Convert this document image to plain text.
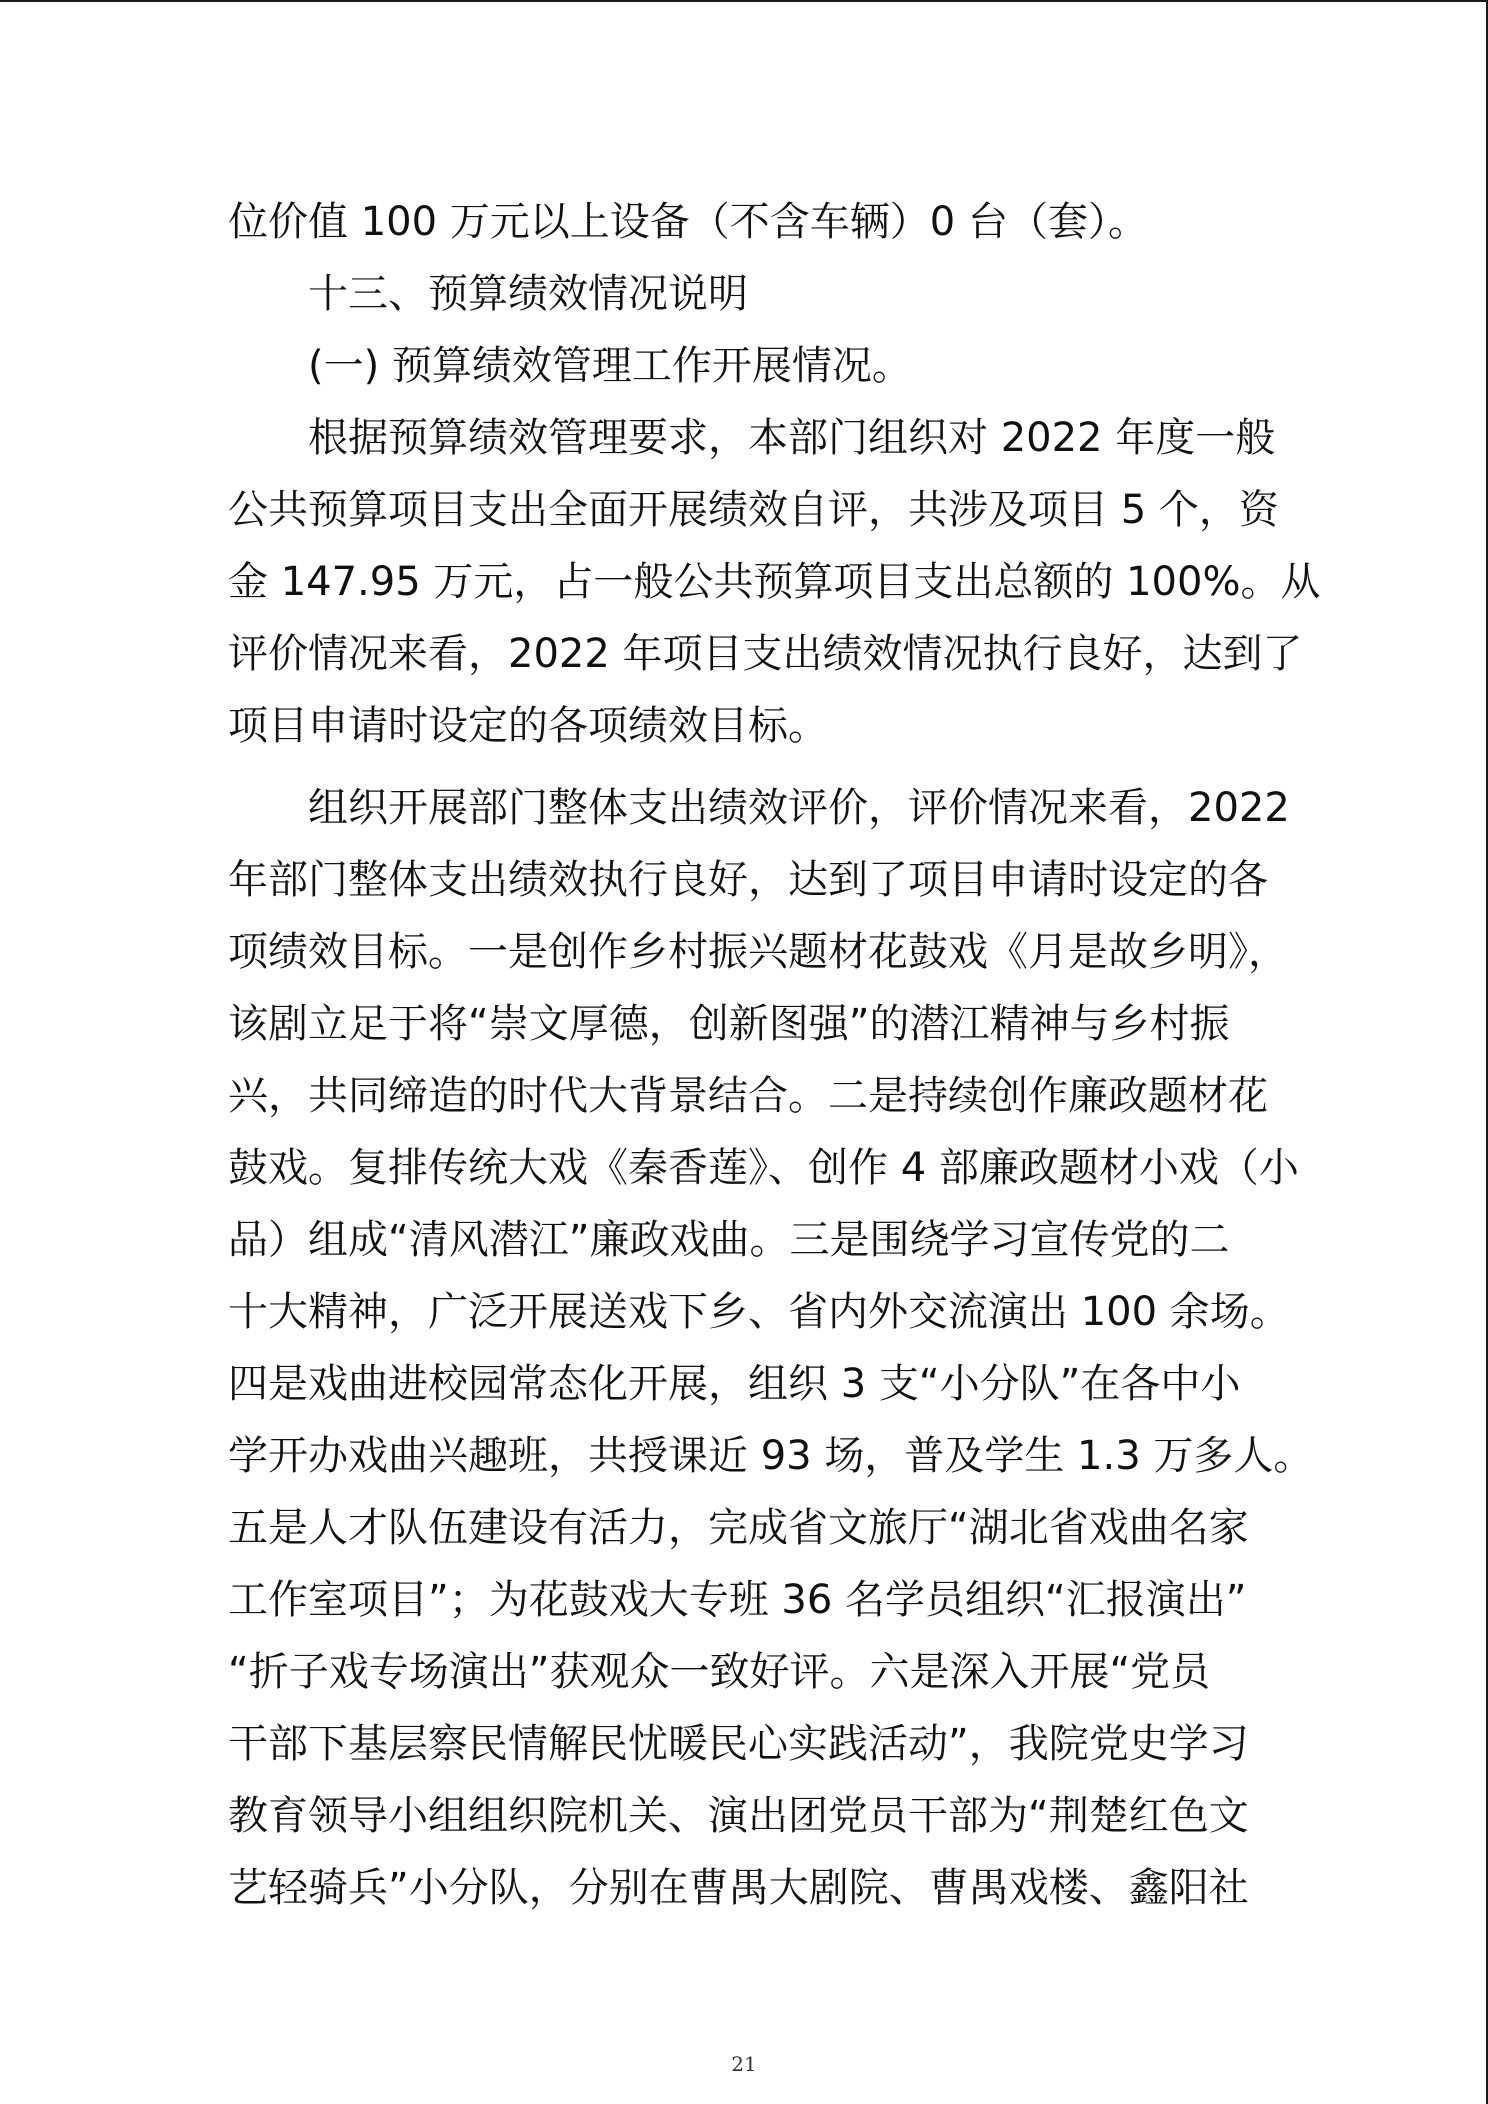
位价值 100 万元以上设备（不含车辆）0 台（套）。
十三、预算绩效情况说明
(一) 预算绩效管理工作开展情况。
根据预算绩效管理要求，本部门组织对 2022 年度一般
公共预算项目支出全面开展绩效自评，共涉及项目 5 个，资
金 147.95 万元，占一般公共预算项目支出总额的 100%。从
评价情况来看，2022 年项目支出绩效情况执行良好，达到了
项目申请时设定的各项绩效目标。
组织开展部门整体支出绩效评价，评价情况来看，2022
年部门整体支出绩效执行良好，达到了项目申请时设定的各
项绩效目标。一是创作乡村振兴题材花鼓戏《月是故乡明》，
该剧立足于将“崇文厚德，创新图强”的潜江精神与乡村振
兴，共同缔造的时代大背景结合。二是持续创作廉政题材花
鼓戏。复排传统大戏《秦香莲》、创作 4 部廉政题材小戏（小
品）组成“清风潜江”廉政戏曲。三是围绕学习宣传党的二
十大精神，广泛开展送戏下乡、省内外交流演出 100 余场。
四是戏曲进校园常态化开展，组织 3 支“小分队”在各中小
学开办戏曲兴趣班，共授课近 93 场，普及学生 1.3 万多人。
五是人才队伍建设有活力，完成省文旅厅“湖北省戏曲名家
工作室项目”；为花鼓戏大专班 36 名学员组织“汇报演出”
“折子戏专场演出”获观众一致好评。六是深入开展“党员
干部下基层察民情解民忧暖民心实践活动”，我院党史学习
教育领导小组组织院机关、演出团党员干部为“荆楚红色文
艺轻骑兵”小分队，分别在曹禺大剧院、曹禺戏楼、鑫阳社
21
